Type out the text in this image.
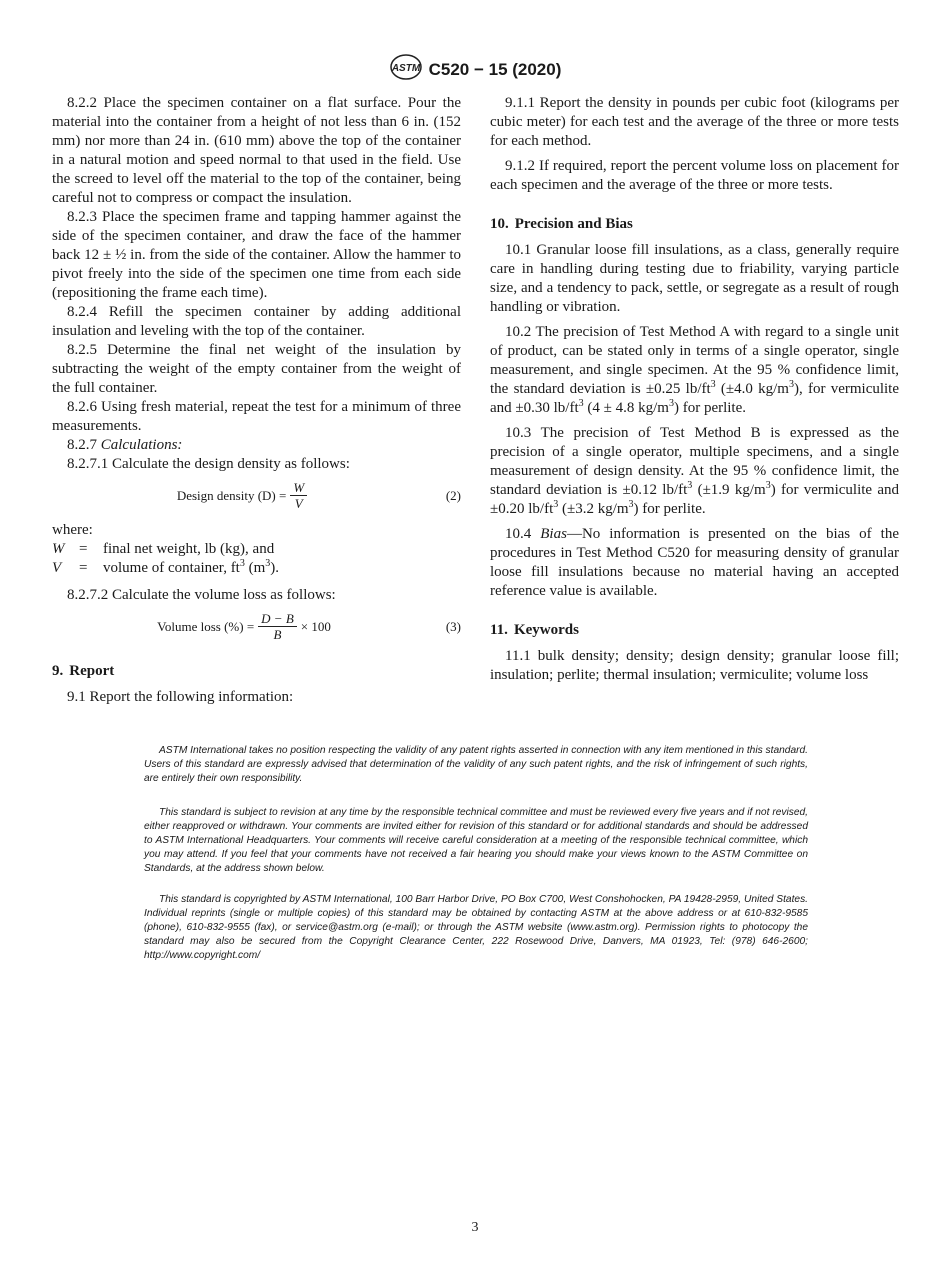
ASTM C520 − 15 (2020)

8.2.2 Place the specimen container on a flat surface. Pour the material into the container from a height of not less than 6 in. (152 mm) nor more than 24 in. (610 mm) above the top of the container in a natural motion and speed normal to that used in the field. Use the screed to level off the material to the top of the container, being careful not to compress or compact the insulation.

8.2.3 Place the specimen frame and tapping hammer against the side of the specimen container, and draw the face of the hammer back 12 ± ½ in. from the side of the container. Allow the hammer to pivot freely into the side of the specimen one time from each side (repositioning the frame each time).

8.2.4 Refill the specimen container by adding additional insulation and leveling with the top of the container.

8.2.5 Determine the final net weight of the insulation by subtracting the weight of the empty container from the weight of the full container.

8.2.6 Using fresh material, repeat the test for a minimum of three measurements.

8.2.7 Calculations:

8.2.7.1 Calculate the design density as follows:

Design density $(D) = \frac{W}{V}$	(2)

where:

W	=	final net weight, lb (kg), and
V	=	volume of container, $ft^3$ $(m^3)$.

8.2.7.2 Calculate the volume loss as follows:

Volume loss (%) = $\frac{D - B}{B} \times 100$	(3)
9. Report

9.1 Report the following information:

9.1.1 Report the density in pounds per cubic foot (kilograms per cubic meter) for each test and the average of the three or more tests for each method.

9.1.2 If required, report the percent volume loss on placement for each specimen and the average of the three or more tests.

10. Precision and Bias

10.1 Granular loose fill insulations, as a class, generally require care in handling during testing due to friability, varying particle size, and a tendency to pack, settle, or segregate as a result of rough handling or vibration.

10.2 The precision of Test Method A with regard to a single unit of product, can be stated only in terms of a single operator, single measurement, and single specimen. At the 95 % confidence limit, the standard deviation is ±0.25 $lb/ft^3$ (±4.0 $kg/m^3$), for vermiculite and ±0.30 $lb/ft^3$ (4 ± 4.8 $kg/m^3$) for perlite.

10.3 The precision of Test Method B is expressed as the precision of a single operator, multiple specimens, and a single measurement of design density. At the 95 % confidence limit, the standard deviation is ±0.12 $lb/ft^3$ (±1.9 $kg/m^3$) for vermiculite and ±0.20 $lb/ft^3$ (±3.2 $kg/m^3$) for perlite.

10.4 Bias—No information is presented on the bias of the procedures in Test Method C520 for measuring density of granular loose fill insulations because no material having an accepted reference value is available.

11. Keywords

11.1 bulk density; density; design density; granular loose fill; insulation; perlite; thermal insulation; vermiculite; volume loss

ASTM International takes no position respecting the validity of any patent rights asserted in connection with any item mentioned in this standard. Users of this standard are expressly advised that determination of the validity of any such patent rights, and the risk of infringement of such rights, are entirely their own responsibility.

This standard is subject to revision at any time by the responsible technical committee and must be reviewed every five years and if not revised, either reapproved or withdrawn. Your comments are invited either for revision of this standard or for additional standards and should be addressed to ASTM International Headquarters. Your comments will receive careful consideration at a meeting of the responsible technical committee, which you may attend. If you feel that your comments have not received a fair hearing you should make your views known to the ASTM Committee on Standards, at the address shown below.

This standard is copyrighted by ASTM International, 100 Barr Harbor Drive, PO Box C700, West Conshohocken, PA 19428-2959, United States. Individual reprints (single or multiple copies) of this standard may be obtained by contacting ASTM at the above address or at 610-832-9585 (phone), 610-832-9555 (fax), or service@astm.org (e-mail); or through the ASTM website (www.astm.org). Permission rights to photocopy the standard may also be secured from the Copyright Clearance Center, 222 Rosewood Drive, Danvers, MA 01923, Tel: (978) 646-2600; http://www.copyright.com/

3
